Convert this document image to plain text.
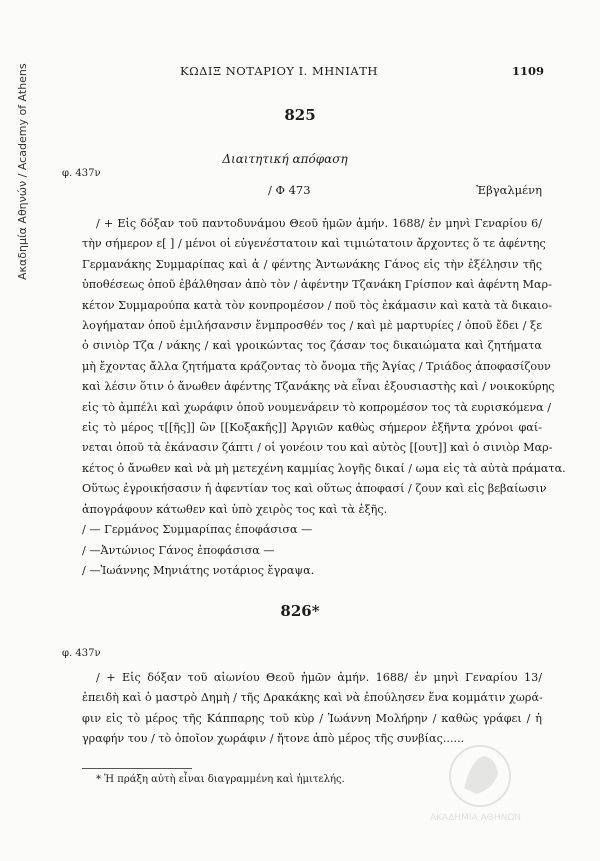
Ακαδημία Αθηνών / Academy of Athens	ΚΩΔΙΞ ΝΟΤΑΡΙΟΥ Ι. ΜΗΝΙΑΤΗ	1109
825
Διαιτητική απόφαση
φ. 437ν
/ Φ 473	Ἐβγαλμένη
/ + Εἰς δόξαν τοῦ παντοδυνάμου Θεοῦ ἡμῶν ἀμήν. 1688/ ἐν μηνὶ Γεναρίου 6/
τὴν σήμερον ε[ ] / μένοι οἱ εὐγενέστατοιν καὶ τιμιώτατοιν ἄρχοντες ὅ τε ἀφέντης
Γερμανάκης Συμμαρίπας καὶ ἀ / φέντης Ἀντωνάκης Γάνος εἰς τὴν ἐξέλησιν τῆς
ὑποθέσεως ὁποῦ ἐβάλθησαν ἀπὸ τὸν / ἀφέντην Τζανάκη Γρίσπον καὶ ἀφέντη Μαρ-
κέτον Συμμαρούπα κατὰ τὸν κονπρομέσον / ποῦ τὸς ἐκάμασιν καὶ κατὰ τὰ δικαιο-
λογήματαν ὁποῦ ἐμιλήσανσιν ἔνμπροσθέν τος / καὶ μὲ μαρτυρίες / ὁποῦ ἔδει / ξε
ὁ σινιὸρ Τζα / νάκης / καὶ γροικώντας τος ζάσαν τος δικαιώματα καὶ ζητήματα
μὴ ἔχοντας ἄλλα ζητήματα κράζοντας τὸ ὄνομα τῆς Ἁγίας / Τριάδος ἀποφασίζουν
καὶ λέσιν ὅτιν ὁ ἄνωθεν ἀφέντης Τζανάκης νὰ εἶναι ἐξουσιαστὴς καὶ / νοικοκύρης
εἰς τὸ ἀμπέλι καὶ χωράφιν ὁποῦ νουμενάρειν τὸ κοπρομέσον τος τὰ ευρισκόμενα /
εἰς τὸ μέρος τ[[ῆς]] ὢν [[Κοξακῆς]] Ἀργιῶν καθὼς σήμερον ἐξῆντα χρόνοι φαί-
νεται ὁποῦ τὰ ἐκάνασιν ζάπτι / οἱ γονέοιν του καὶ αὐτὸς [[ουτ]] καὶ ὁ σινιὸρ Μαρ-
κέτος ὁ ἄνωθεν καὶ νὰ μὴ μετεχένη καμμίας λογῆς δικαί / ωμα εἰς τὰ αὐτὰ πράματα.
Οὕτως ἐγροικήσασιν ἡ ἀφεντίαν τος καὶ οὕτως ἀποφασί / ζουν καὶ εἰς βεβαίωσιν
ἀπογράφουν κάτωθεν καὶ ὑπὸ χειρὸς τος καὶ τὰ ἑξῆς.
/ — Γερμάνος Συμμαρίπας ἐποφάσισα —
/ —Ἀντώνιος Γάνος ἐποφάσισα —
/ —Ἰωάννης Μηνιάτης νοτάριος ἔγραψα.
826*
φ. 437ν
/ + Εἰς δόξαν τοῦ αἰωνίου Θεοῦ ἡμῶν ἀμήν. 1688/ ἐν μηνὶ Γεναρίου 13/
ἐπειδὴ καὶ ὁ μαστρὸ Δημὴ / τῆς Δρακάκης καὶ νὰ ἐπούλησεν ἕνα κομμάτιν χωρά-
φιν εἰς τὸ μέρος τῆς Κάππαρης τοῦ κὺρ / Ἰωάννη Μολήρην / καθὼς γράφει / ἡ
γραφήν του / τὸ ὁποῖον χωράφιν / ἤτονε ἀπὸ μέρος τῆς συνβίας......
* Ἡ πράξη αὐτὴ εἶναι διαγραμμένη καὶ ἡμιτελής.
ΑΚΑΔΗΜΙΑ ΑΘΗΝΩΝ
